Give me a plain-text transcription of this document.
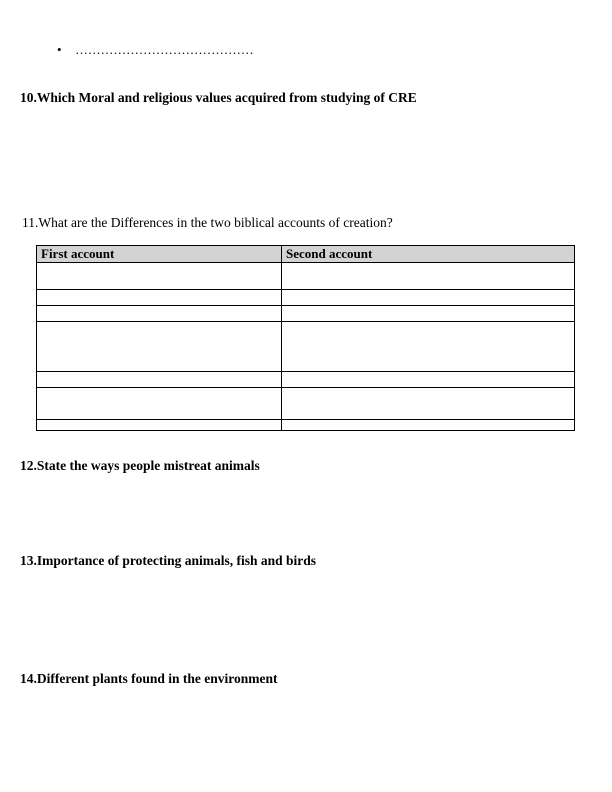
• ..........................................

10.Which Moral and religious values acquired from studying of CRE

11.What are the Differences in the two biblical accounts of creation?

First account	Second account

12.State the ways people mistreat animals

13.Importance of protecting animals, fish and birds

14.Different plants found in the environment
